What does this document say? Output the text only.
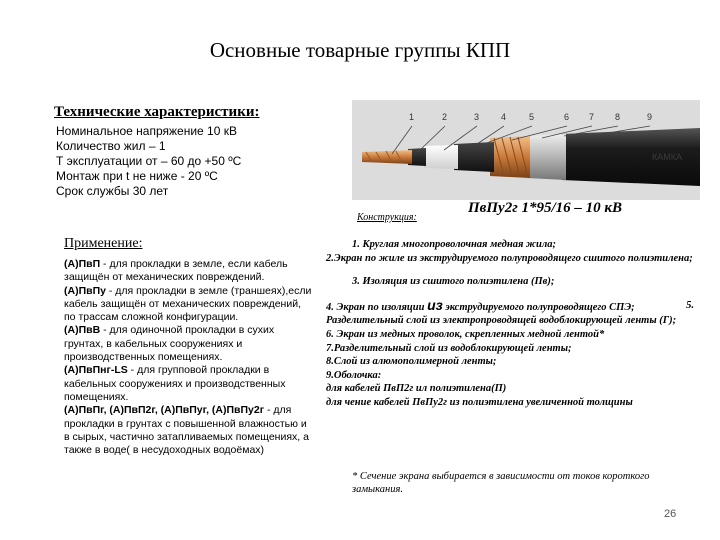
Основные товарные группы КПП
Технические характеристики:
Номинальное напряжение 10 кВ
Количество жил – 1
Т эксплуатации от – 60 до +50 ºС
Монтаж при t не ниже - 20 ºС
Срок службы 30 лет
КАМКА
1	2	3 4	5	6 7 8	9
Конструкция:
ПвПу2г 1*95/16 – 10 кВ
Применение:

(А)ПвП - для прокладки в земле, если кабель защищён от механических повреждений.

(А)ПвПу - для прокладки в земле (траншеях),если кабель защищён от механических повреждений, по трассам сложной конфигурации.

(А)ПвВ - для одиночной прокладки в сухих грунтах, в кабельных сооружениях и производственных помещениях.

(А)ПвПнг-LS - для групповой прокладки в кабельных сооружениях и производственных помещениях.

(А)ПвПг, (А)ПвП2г, (А)ПвПуг, (А)ПвПу2г - для прокладки в грунтах с повышенной влажностью и в сырых, частично затапливаемых помещениях, а также в воде( в несудоходных водоёмах)

1. Круглая многопроволочная медная жила;

2.Экран по жиле из экструдируемого полупроводящего сшитого полиэтилена;

3. Изоляция из сшитого полиэтилена (Пв);

4. Экран по изоляции из экструдируемого полупроводящего СПЭ;	5.

Разделительный слой из электропроводящей водоблокирующей ленты (Г);

6. Экран из медных проволок, скрепленных медной лентой*

7.Разделительный слой из водоблокирующей ленты;

8.Слой из алюмополимерной ленты;

9.Оболочка:

для кабелей ПвП2г ил полиэтилена(П)

для чение кабелей ПвПу2г из полиэтилена увеличенной толщины

* Сечение экрана выбирается в зависимости от токов короткого замыкания.
26
